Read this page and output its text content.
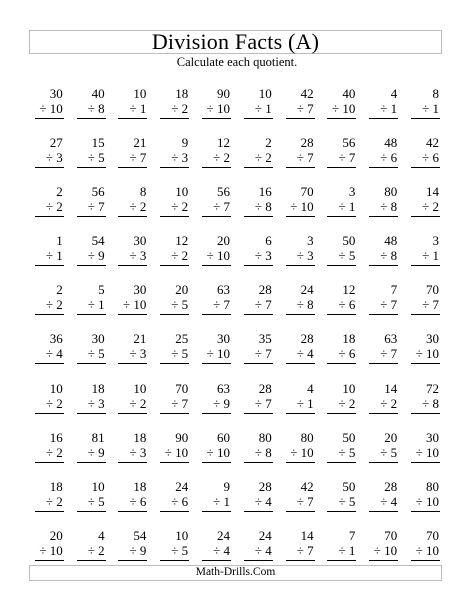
Division Facts (A)
Calculate each quotient.
30
÷ 10
40
÷ 8
10
÷ 1
18
÷ 2
90
÷ 10
10
÷ 1
42
÷ 7
40
÷ 10
4
÷ 1
8
÷ 1
27
÷ 3
15
÷ 5
21
÷ 7
9
÷ 3
12
÷ 2
2
÷ 2
28
÷ 7
56
÷ 7
48
÷ 6
42
÷ 6
2
÷ 2
56
÷ 7
8
÷ 2
10
÷ 2
56
÷ 7
16
÷ 8
70
÷ 10
3
÷ 1
80
÷ 8
14
÷ 2
1
÷ 1
54
÷ 9
30
÷ 3
12
÷ 2
20
÷ 10
6
÷ 3
3
÷ 3
50
÷ 5
48
÷ 8
3
÷ 1
2
÷ 2
5
÷ 1
30
÷ 10
20
÷ 5
63
÷ 7
28
÷ 7
24
÷ 8
12
÷ 6
7
÷ 7
70
÷ 7
36
÷ 4
30
÷ 5
21
÷ 3
25
÷ 5
30
÷ 10
35
÷ 7
28
÷ 4
18
÷ 6
63
÷ 7
30
÷ 10
10
÷ 2
18
÷ 3
10
÷ 2
70
÷ 7
63
÷ 9
28
÷ 7
4
÷ 1
10
÷ 2
14
÷ 2
72
÷ 8
16
÷ 2
81
÷ 9
18
÷ 3
90
÷ 10
60
÷ 10
80
÷ 8
80
÷ 10
50
÷ 5
20
÷ 5
30
÷ 10
18
÷ 2
10
÷ 5
18
÷ 6
24
÷ 6
9
÷ 1
28
÷ 4
42
÷ 7
50
÷ 5
28
÷ 4
80
÷ 10
20
÷ 10
4
÷ 2
54
÷ 9
10
÷ 5
24
÷ 4
24
÷ 4
14
÷ 7
7
÷ 1
70
÷ 10
70
÷ 10
Math-Drills.Com
